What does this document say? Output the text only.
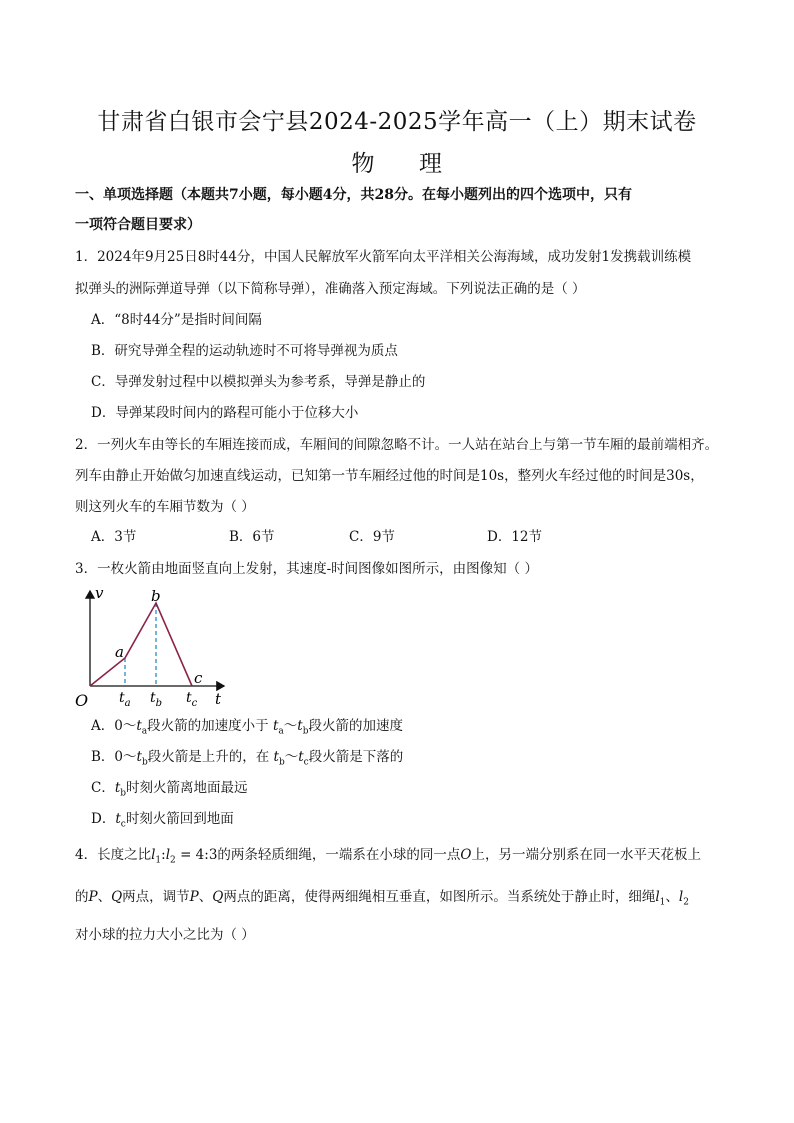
甘肃省白银市会宁县2024-2025学年高一（上）期末试卷
物 理
一、单项选择题（本题共7小题，每小题4分，共28分。在每小题列出的四个选项中，只有
一项符合题目要求）
1．2024年9月25日8时44分，中国人民解放军火箭军向太平洋相关公海海域，成功发射1发携载训练模
拟弹头的洲际弹道导弹（以下简称导弹），准确落入预定海域。下列说法正确的是（ ）
A．“8时44分”是指时间间隔
B．研究导弹全程的运动轨迹时不可将导弹视为质点
C．导弹发射过程中以模拟弹头为参考系，导弹是静止的
D．导弹某段时间内的路程可能小于位移大小
2．一列火车由等长的车厢连接而成，车厢间的间隙忽略不计。一人站在站台上与第一节车厢的最前端相齐。
列车由静止开始做匀加速直线运动，已知第一节车厢经过他的时间是10s，整列火车经过他的时间是30s，
则这列火车的车厢节数为（ ）
A．3节	B．6节	C．9节	D．12节
3．一枚火箭由地面竖直向上发射，其速度-时间图像如图所示，由图像知（ ）
v
t
O
a
b
c
$t_a$ $t_b$ $t_c$
A．$0\sim t_a$段火箭的加速度小于 $t_a\sim t_b$段火箭的加速度
B．$0\sim t_b$段火箭是上升的，在 $t_b\sim t_c$段火箭是下落的
C．$t_b$时刻火箭离地面最远
D．$t_c$时刻火箭回到地面
4．长度之比$l_1:l_2$ = 4:3的两条轻质细绳，一端系在小球的同一点O上，另一端分别系在同一水平天花板上
的P、Q两点，调节P、Q两点的距离，使得两细绳相互垂直，如图所示。当系统处于静止时，细绳$l_1$、$l_2$
对小球的拉力大小之比为（ ）
